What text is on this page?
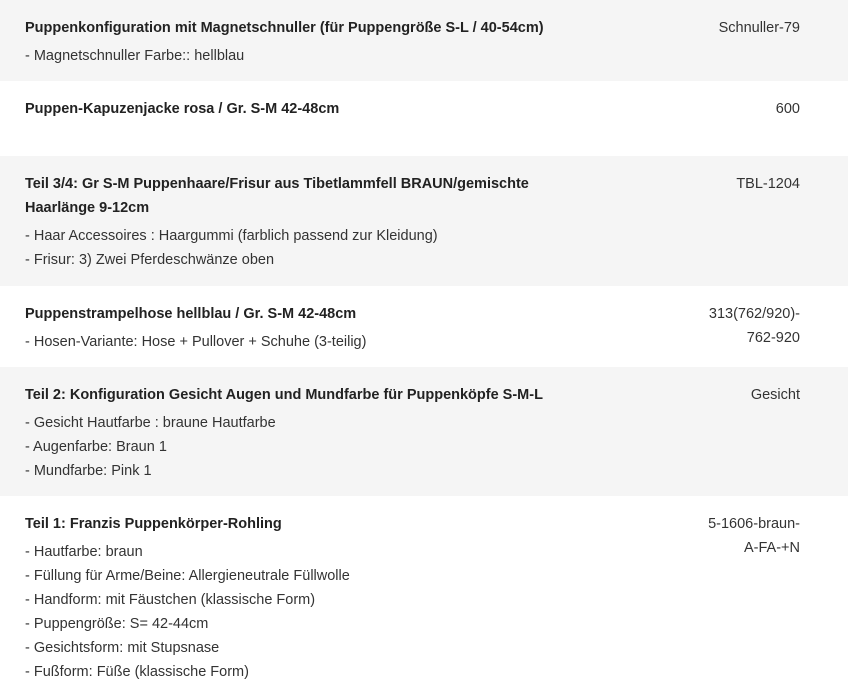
Puppenkonfiguration mit Magnetschnuller (für Puppengröße S-L / 40-54cm)
- Magnetschnuller Farbe:: hellblau
Schnuller-79
Puppen-Kapuzenjacke rosa / Gr. S-M 42-48cm	600
Teil 3/4: Gr S-M Puppenhaare/Frisur aus Tibetlammfell BRAUN/gemischte Haarlänge 9-12cm
- Haar Accessoires : Haargummi (farblich passend zur Kleidung)
- Frisur: 3) Zwei Pferdeschwänze oben
TBL-1204
Puppenstrampelhose hellblau / Gr. S-M 42-48cm
- Hosen-Variante: Hose + Pullover + Schuhe (3-teilig)
313(762/920)-
762-920
Teil 2: Konfiguration Gesicht Augen und Mundfarbe für Puppenköpfe S-M-L
- Gesicht Hautfarbe : braune Hautfarbe
- Augenfarbe: Braun 1
- Mundfarbe: Pink 1
Gesicht
Teil 1: Franzis Puppenkörper-Rohling
- Hautfarbe: braun
- Füllung für Arme/Beine: Allergieneutrale Füllwolle
- Handform: mit Fäustchen (klassische Form)
- Puppengröße: S= 42-44cm
- Gesichtsform: mit Stupsnase
- Fußform: Füße (klassische Form)
5-1606-braun-
A-FA-+N
